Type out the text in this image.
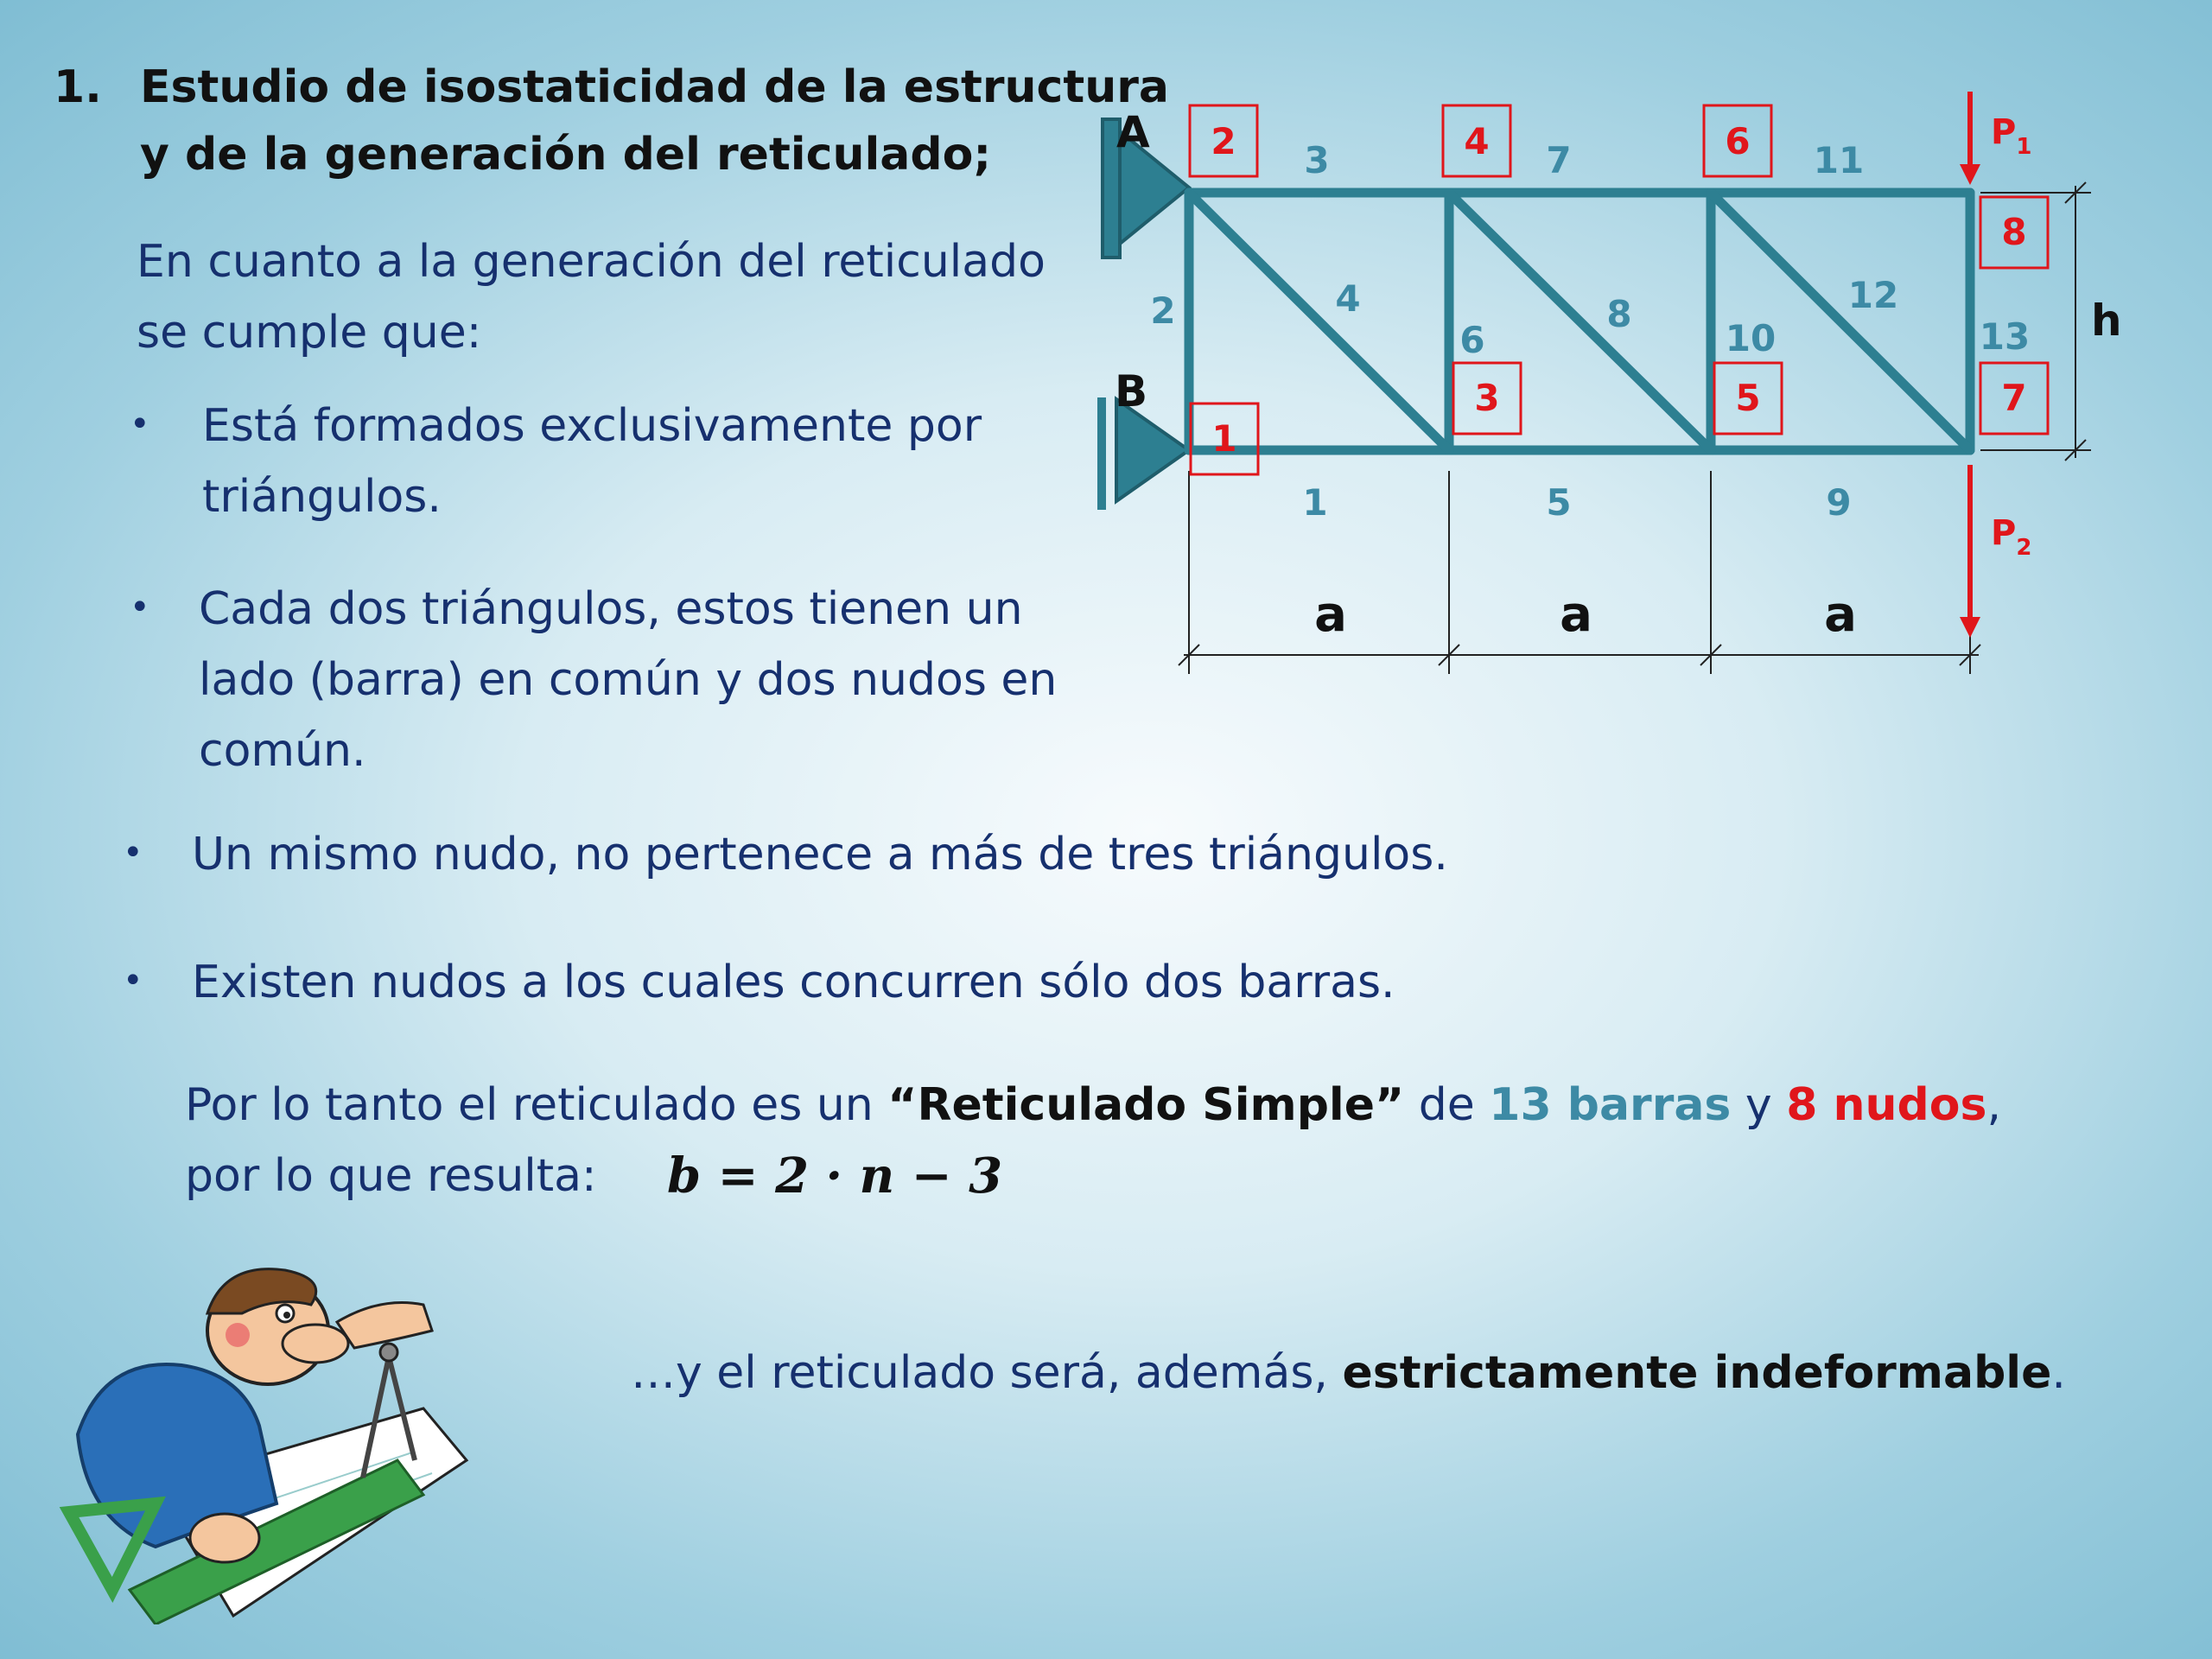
1. Estudio de isostaticidad de la estructura
y de la generación del reticulado;
En cuanto a la generación del reticulado
se cumple que:
• Está formados exclusivamente por
triángulos.
• Cada dos triángulos, estos tienen un
lado (barra) en común y dos nudos en
común.
• Un mismo nudo, no pertenece a más de tres triángulos.
• Existen nudos a los cuales concurren sólo dos barras.
Por lo tanto el reticulado es un “Reticulado Simple” de 13 barras y 8 nudos,
por lo que resulta: b = 2 · n − 3
…y el reticulado será, además, estrictamente indeformable.
1
2
3
4
5
6
7
8
9
10
11
12
13
1
2
3
4
5
6
7
8
A
B
h
a	a	a
$P_1$
$P_2$
